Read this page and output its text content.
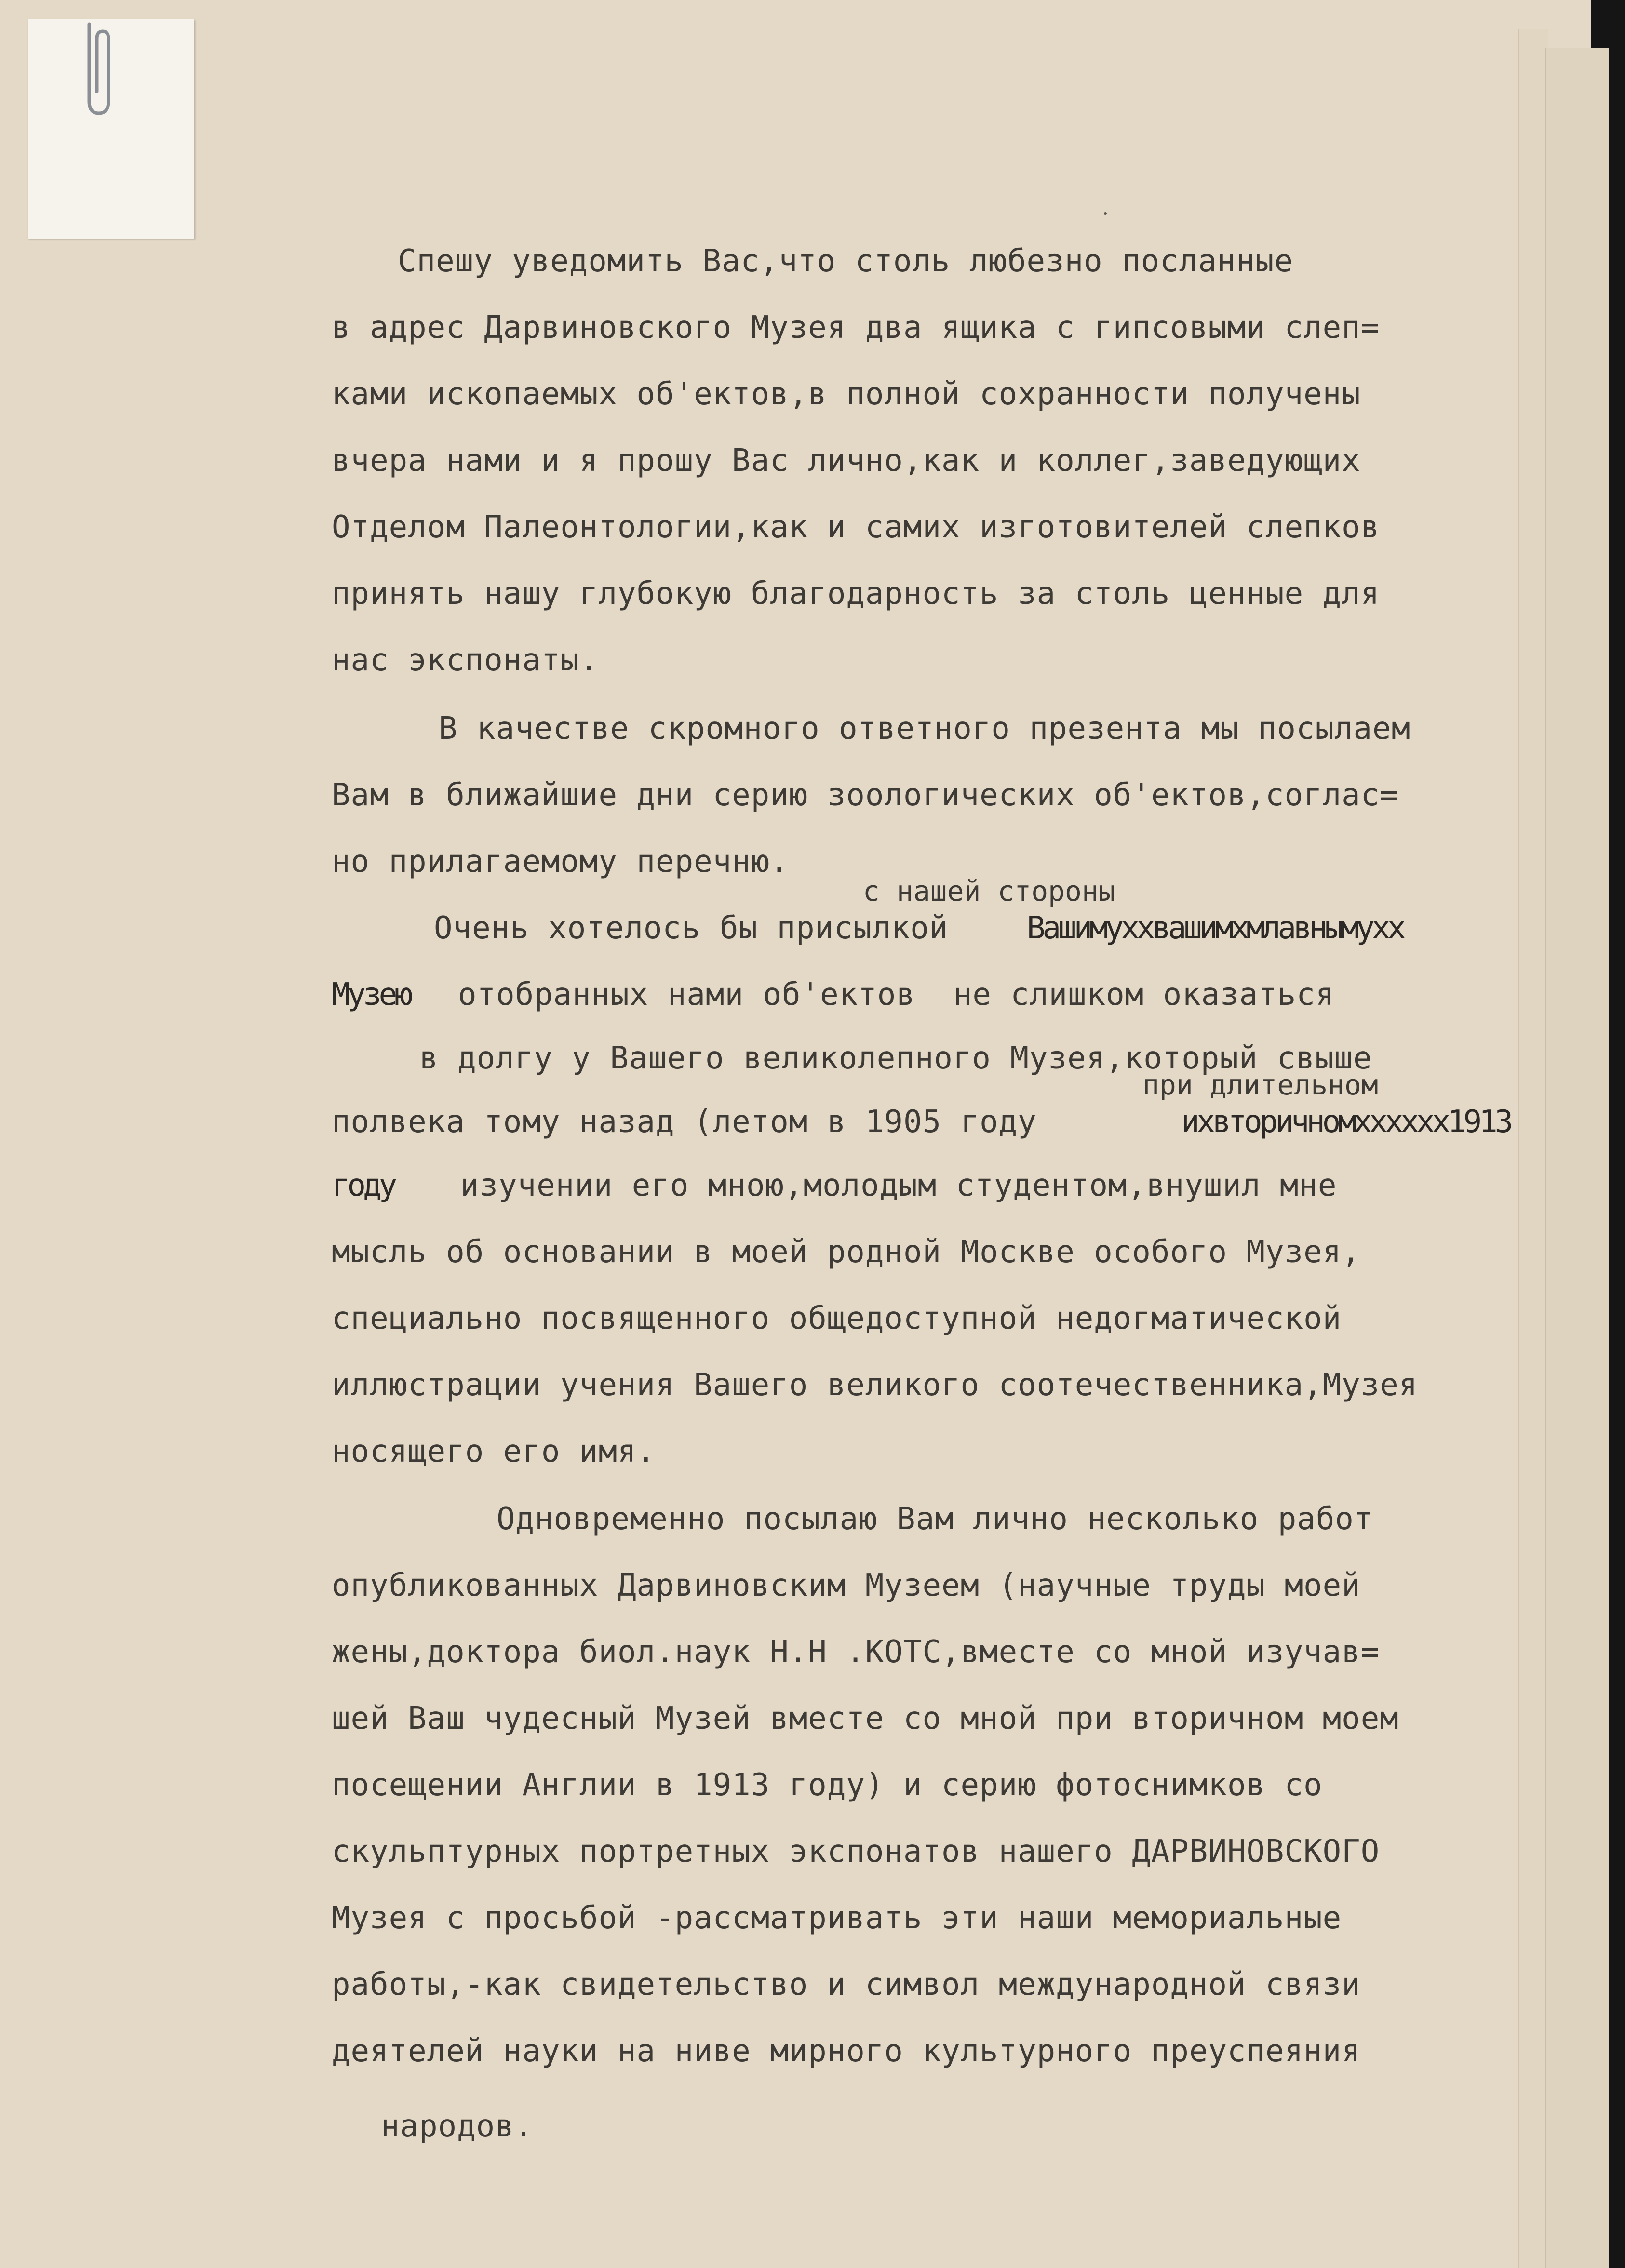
Спешу уведомить Вас,что столь любезно посланные

в адрес Дарвиновского Музея два ящика с гипсовыми слеп=

ками ископаемых об'ектов,в полной сохранности получены

вчера нами и я прошу Вас лично,как и коллег,заведующих

Отделом Палеонтологии,как и самих изготовителей слепков

принять нашу глубокую благодарность за столь ценные для

нас экспонаты.

В качестве скромного ответного презента мы посылаем

Вам в ближайшие дни серию зоологических об'ектов,соглас=

но прилагаемому перечню.

с нашей стороны

Очень хотелось бы присылкой	Вашимуххвашимхмлавнымухх

Музею отобранных нами об'ектов  не слишком оказаться

в долгу у Вашего великолепного Музея,который свыше

при длительном

полвека тому назад (летом в 1905 году	ихвторичномхххххх1913

году изучении его мною,молодым студентом,внушил мне

мысль об основании в моей родной Москве особого Музея,

специально посвященного общедоступной недогматической

иллюстрации учения Вашего великого соотечественника,Музея

носящего его имя.

Одновременно посылаю Вам лично несколько работ

опубликованных Дарвиновским Музеем (научные труды моей

жены,доктора биол.наук Н.Н .КОТС,вместе со мной изучав=

шей Ваш чудесный Музей вместе со мной при вторичном моем

посещении Англии в 1913 году) и серию фотоснимков со

скульптурных портретных экспонатов нашего ДАРВИНОВСКОГО

Музея с просьбой -рассматривать эти наши мемориальные

работы,-как свидетельство и символ международной связи

деятелей науки на ниве мирного культурного преуспеяния

народов.
